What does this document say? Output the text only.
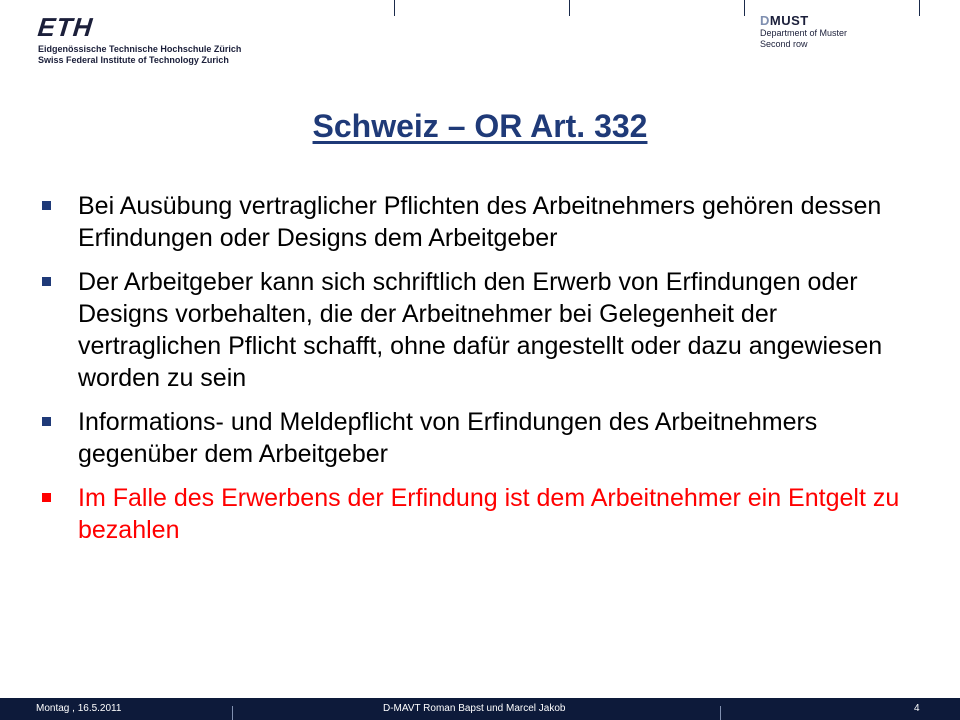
ETH
Eidgenössische Technische Hochschule Zürich
Swiss Federal Institute of Technology Zurich
DMUST
Department of Muster
Second row
Schweiz – OR Art. 332
Bei Ausübung vertraglicher Pflichten des Arbeitnehmers gehören dessen Erfindungen oder Designs dem Arbeitgeber
Der Arbeitgeber kann sich schriftlich den Erwerb von Erfindungen oder Designs vorbehalten, die der Arbeitnehmer bei Gelegenheit der vertraglichen Pflicht schafft, ohne dafür angestellt oder dazu angewiesen worden zu sein
Informations- und Meldepflicht von Erfindungen des Arbeitnehmers gegenüber dem Arbeitgeber
Im Falle des Erwerbens der Erfindung ist dem Arbeitnehmer ein Entgelt zu bezahlen
Montag , 16.5.2011	D-MAVT Roman Bapst und Marcel Jakob	4
